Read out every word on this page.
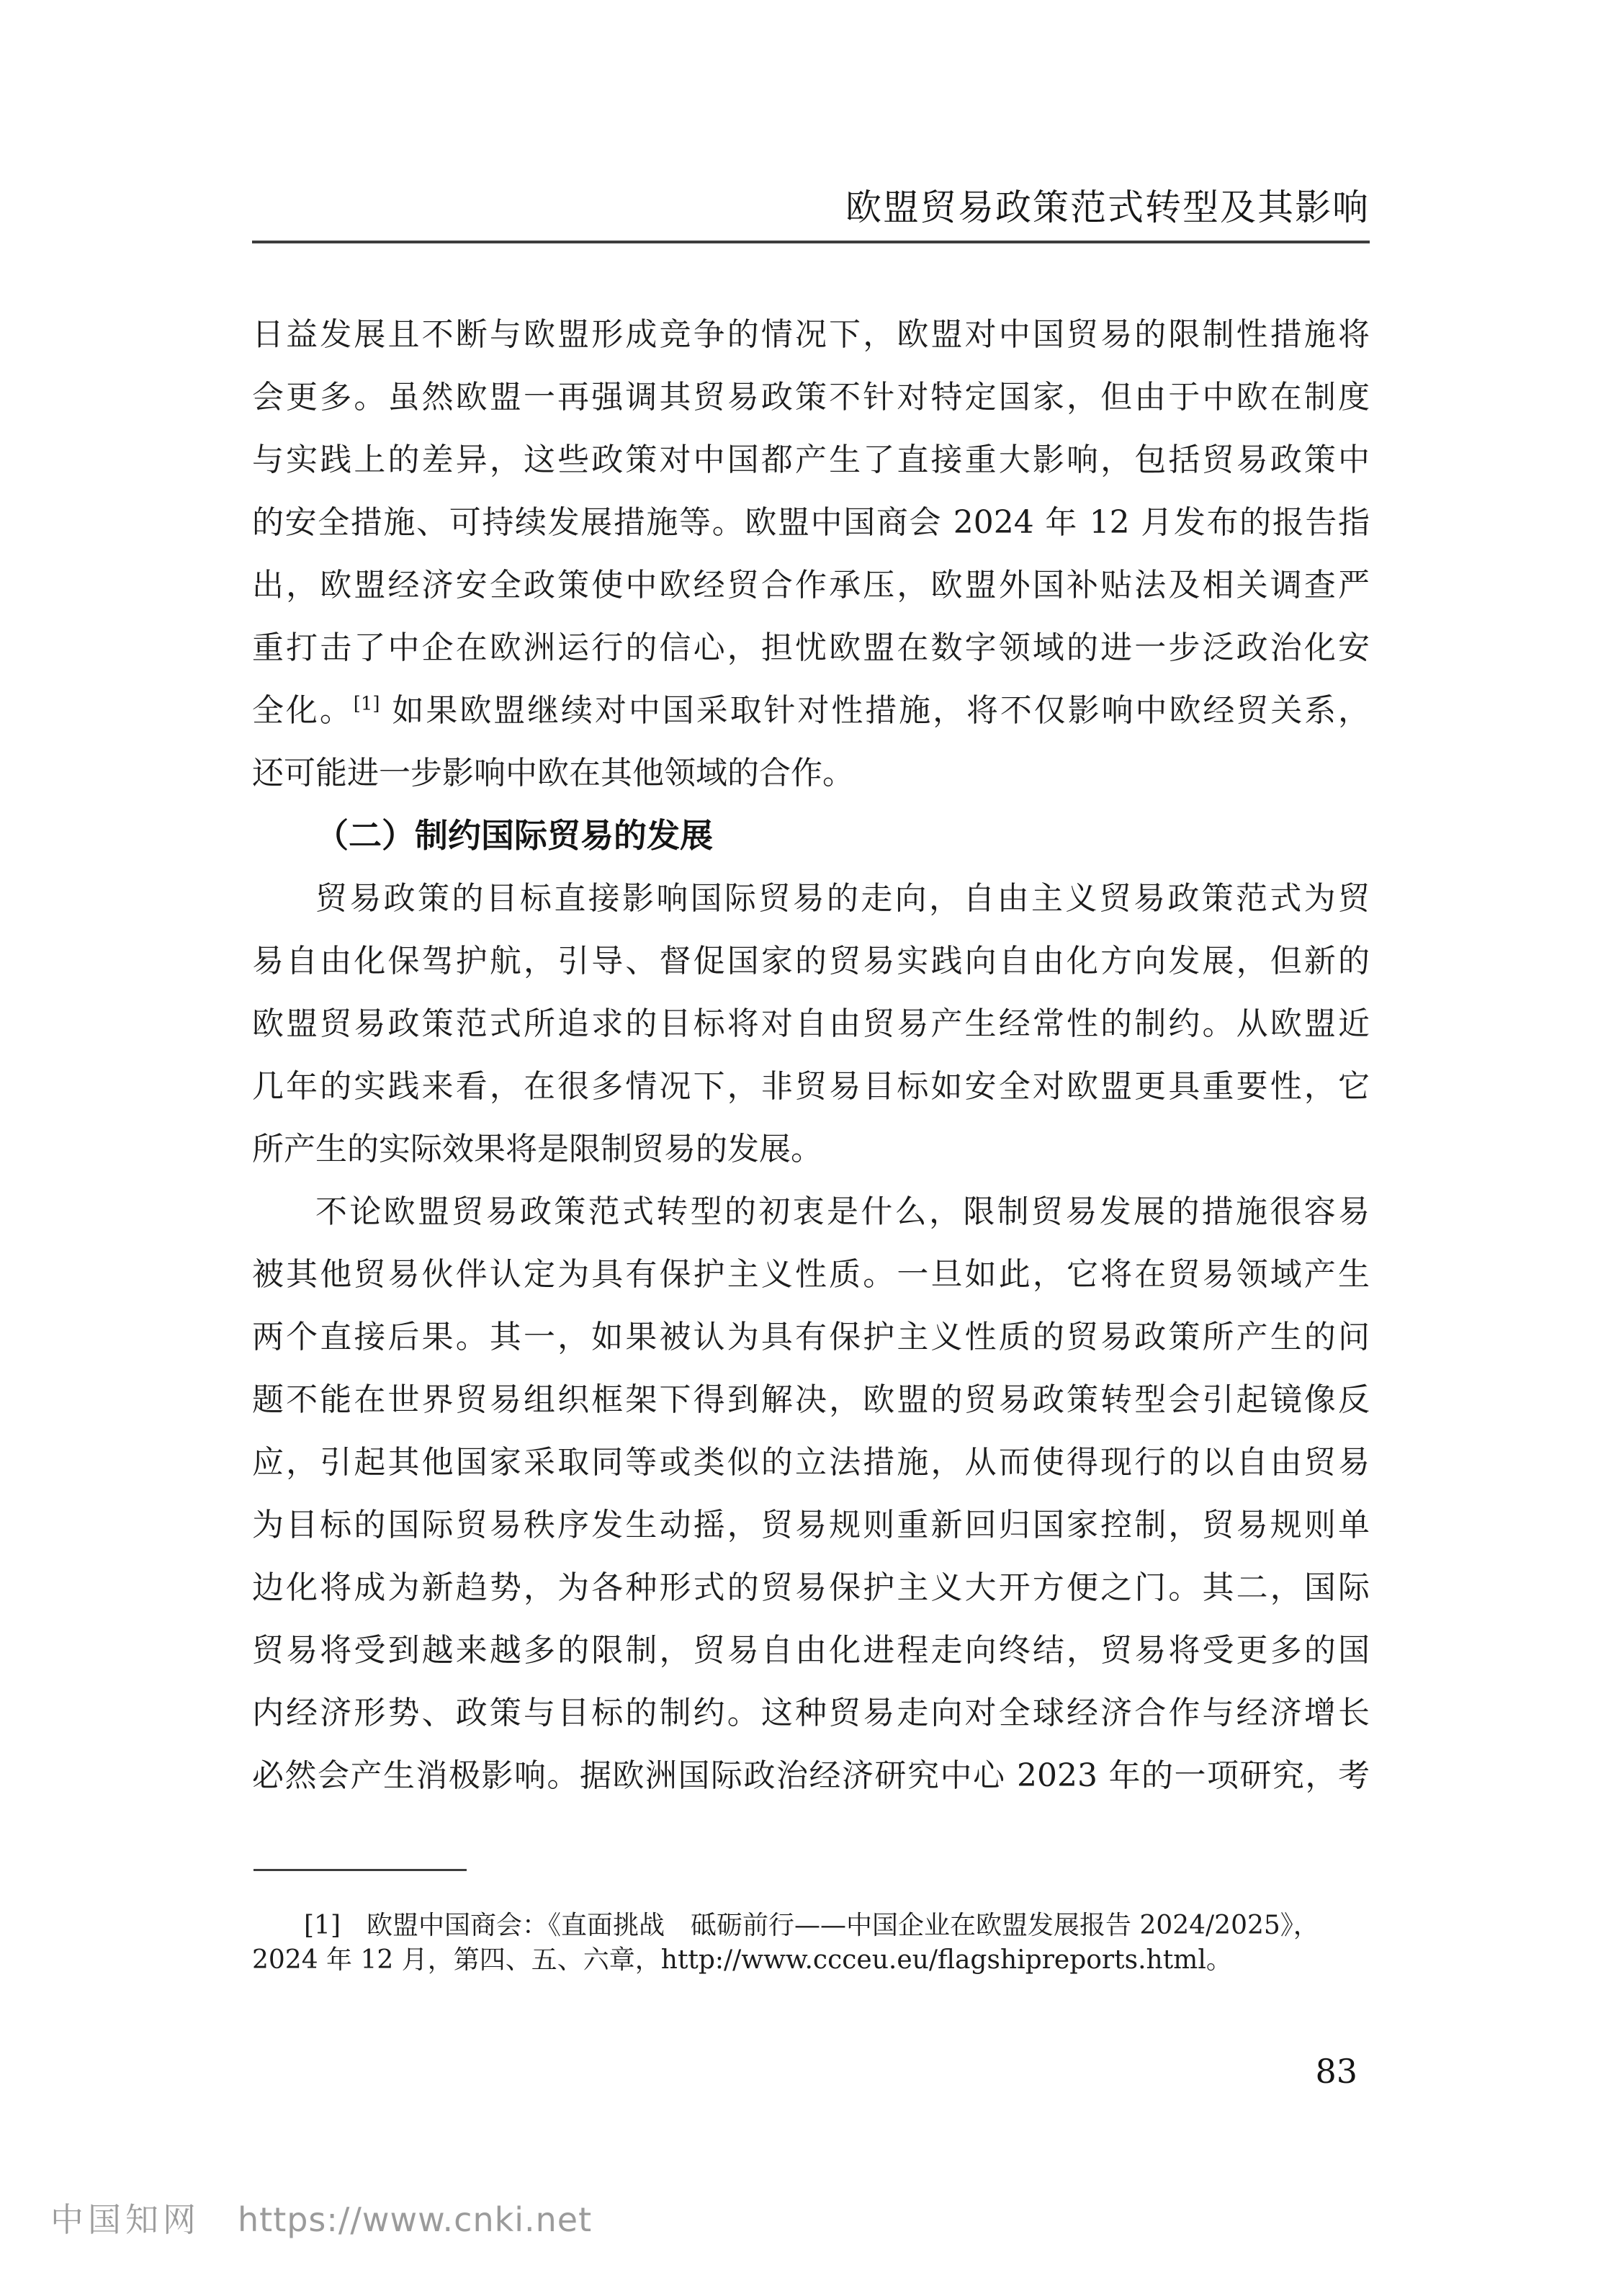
欧盟贸易政策范式转型及其影响
日益发展且不断与欧盟形成竞争的情况下，欧盟对中国贸易的限制性措施将
会更多。虽然欧盟一再强调其贸易政策不针对特定国家，但由于中欧在制度
与实践上的差异，这些政策对中国都产生了直接重大影响，包括贸易政策中
的安全措施、可持续发展措施等。欧盟中国商会 2024 年 12 月发布的报告指
出，欧盟经济安全政策使中欧经贸合作承压，欧盟外国补贴法及相关调查严
重打击了中企在欧洲运行的信心，担忧欧盟在数字领域的进一步泛政治化安
全化。[1] 如果欧盟继续对中国采取针对性措施，将不仅影响中欧经贸关系，
还可能进一步影响中欧在其他领域的合作。
（二）制约国际贸易的发展
贸易政策的目标直接影响国际贸易的走向，自由主义贸易政策范式为贸
易自由化保驾护航，引导、督促国家的贸易实践向自由化方向发展，但新的
欧盟贸易政策范式所追求的目标将对自由贸易产生经常性的制约。从欧盟近
几年的实践来看，在很多情况下，非贸易目标如安全对欧盟更具重要性，它
所产生的实际效果将是限制贸易的发展。
不论欧盟贸易政策范式转型的初衷是什么，限制贸易发展的措施很容易
被其他贸易伙伴认定为具有保护主义性质。一旦如此，它将在贸易领域产生
两个直接后果。其一，如果被认为具有保护主义性质的贸易政策所产生的问
题不能在世界贸易组织框架下得到解决，欧盟的贸易政策转型会引起镜像反
应，引起其他国家采取同等或类似的立法措施，从而使得现行的以自由贸易
为目标的国际贸易秩序发生动摇，贸易规则重新回归国家控制，贸易规则单
边化将成为新趋势，为各种形式的贸易保护主义大开方便之门。其二，国际
贸易将受到越来越多的限制，贸易自由化进程走向终结，贸易将受更多的国
内经济形势、政策与目标的制约。这种贸易走向对全球经济合作与经济增长
必然会产生消极影响。据欧洲国际政治经济研究中心 2023 年的一项研究，考
[1]　欧盟中国商会：《直面挑战　砥砺前行——中国企业在欧盟发展报告 2024/2025》，
2024 年 12 月，第四、五、六章，http://www.ccceu.eu/flagshipreports.html。
83
中国知网 https://www.cnki.net
